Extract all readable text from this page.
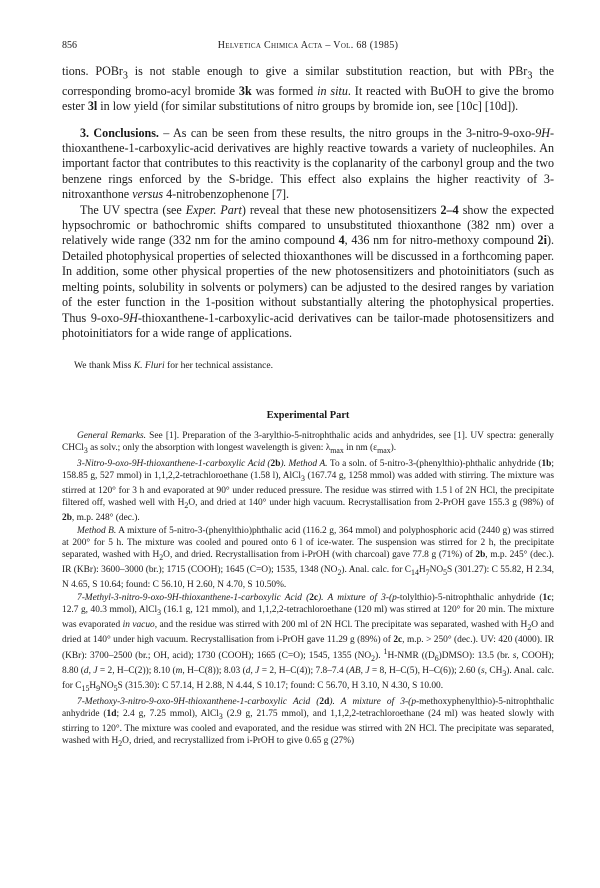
856	Helvetica Chimica Acta – Vol. 68 (1985)

tions. POBr$_3$ is not stable enough to give a similar substitution reaction, but with PBr$_3$ the corresponding bromo-acyl bromide 3k was formed in situ. It reacted with BuOH to give the bromo ester 3l in low yield (for similar substitutions of nitro groups by bromide ion, see [10c] [10d]).

3. Conclusions. – As can be seen from these results, the nitro groups in the 3-nitro-9-oxo-9H-thioxanthene-1-carboxylic-acid derivatives are highly reactive towards a variety of nucleophiles. An important factor that contributes to this reactivity is the coplanarity of the carbonyl group and the two benzene rings enforced by the S-bridge. This effect also explains the higher reactivity of 3-nitroxanthone versus 4-nitrobenzophenone [7].

The UV spectra (see Exper. Part) reveal that these new photosensitizers 2–4 show the expected hypsochromic or bathochromic shifts compared to unsubstituted thioxanthone (382 nm) over a relatively wide range (332 nm for the amino compound 4, 436 nm for nitro-methoxy compound 2i). Detailed photophysical properties of selected thioxanthones will be discussed in a forthcoming paper. In addition, some other physical properties of the new photosensitizers and photoinitiators (such as melting points, solubility in solvents or polymers) can be adjusted to the desired ranges by variation of the ester function in the 1-position without substantially altering the photophysical properties. Thus 9-oxo-9H-thioxanthene-1-carboxylic-acid derivatives can be tailor-made photosensitizers and photoinitiators for a wide range of applications.

We thank Miss K. Fluri for her technical assistance.

Experimental Part

General Remarks. See [1]. Preparation of the 3-arylthio-5-nitrophthalic acids and anhydrides, see [1]. UV spectra: generally CHCl$_3$ as solv.; only the absorption with longest wavelength is given: $\lambda_{max}$ in nm $(\varepsilon_{max})$.

3-Nitro-9-oxo-9H-thioxanthene-1-carboxylic Acid (2b). Method A. To a soln. of 5-nitro-3-(phenylthio)-phthalic anhydride (1b; 158.85 g, 527 mmol) in 1,1,2,2-tetrachloroethane (1.58 l), AlCl$_3$ (167.74 g, 1258 mmol) was added with stirring. The mixture was stirred at 120° for 3 h and evaporated at 90° under reduced pressure. The residue was stirred with 1.5 l of 2N HCl, the precipitate filtered off, washed well with $H_2O$, and dried at 140° under high vacuum. Recrystallisation from 2-PrOH gave 155.3 g (98%) of 2b, m.p. 248° (dec.).

Method B. A mixture of 5-nitro-3-(phenylthio)phthalic acid (116.2 g, 364 mmol) and polyphosphoric acid (2440 g) was stirred at 200° for 5 h. The mixture was cooled and poured onto 6 l of ice-water. The suspension was stirred for 2 h, the precipitate separated, washed with $H_2O$, and dried. Recrystallisation from i-PrOH (with charcoal) gave 77.8 g (71%) of 2b, m.p. 245° (dec.). IR (KBr): 3600–3000 (br.); 1715 (COOH); 1645 (C=O); 1535, 1348 $(NO_2)$. Anal. calc. for $C_{14}H_7NO_5S$ (301.27): C 55.82, H 2.34, N 4.65, S 10.64; found: C 56.10, H 2.60, N 4.70, S 10.50%.

7-Methyl-3-nitro-9-oxo-9H-thioxanthene-1-carboxylic Acid (2c). A mixture of 3-(p-tolylthio)-5-nitrophthalic anhydride (1c; 12.7 g, 40.3 mmol), AlCl$_3$ (16.1 g, 121 mmol), and 1,1,2,2-tetrachloroethane (120 ml) was stirred at 120° for 20 min. The mixture was evaporated in vacuo, and the residue was stirred with 200 ml of 2N HCl. The precipitate was separated, washed with $H_2O$ and dried at 140° under high vacuum. Recrystallisation from i-PrOH gave 11.29 g (89%) of 2c, m.p. > 250° (dec.). UV: 420 (4000). IR (KBr): 3700–2500 (br.; OH, acid); 1730 (COOH); 1665 (C=O); 1545, 1355 $(NO_2)$. $^1$H-NMR $((D_6)DMSO)$: 13.5 (br. s, COOH); 8.80 (d, J = 2, H–C(2)); 8.10 (m, H–C(8)); 8.03 (d, J = 2, H–C(4)); 7.8–7.4 (AB, J = 8, H–C(5), H–C(6)); 2.60 (s, $CH_3$). Anal. calc. for $C_{15}H_9NO_5S$ (315.30): C 57.14, H 2.88, N 4.44, S 10.17; found: C 56.70, H 3.10, N 4.30, S 10.00.

7-Methoxy-3-nitro-9-oxo-9H-thioxanthene-1-carboxylic Acid (2d). A mixture of 3-(p-methoxyphenylthio)-5-nitrophthalic anhydride (1d; 2.4 g, 7.25 mmol), AlCl$_3$ (2.9 g, 21.75 mmol), and 1,1,2,2-tetrachloroethane (24 ml) was heated slowly with stirring to 120°. The mixture was cooled and evaporated, and the residue was stirred with 2N HCl. The precipitate was separated, washed with $H_2O$, dried, and recrystallized from i-PrOH to give 0.65 g (27%)
